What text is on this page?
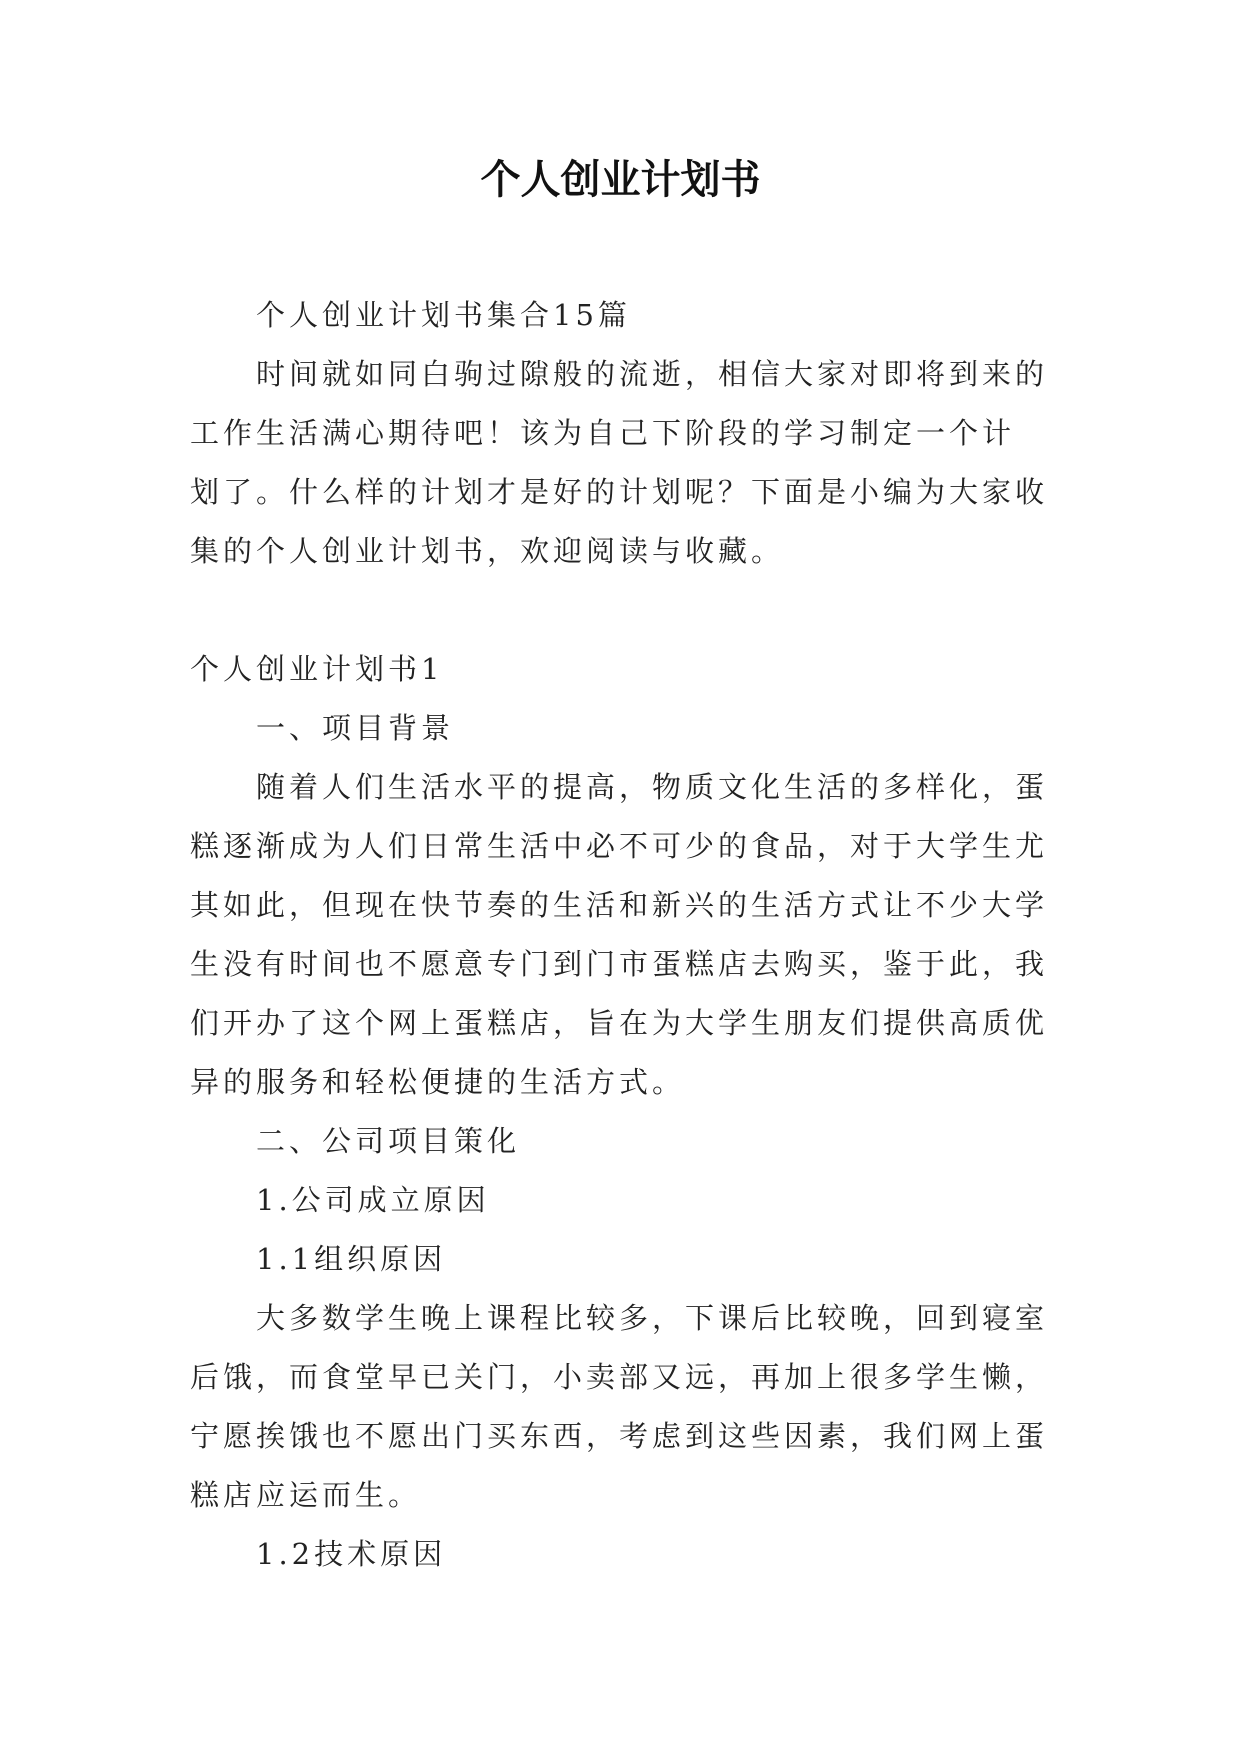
个人创业计划书
个人创业计划书集合15篇
时间就如同白驹过隙般的流逝，相信大家对即将到来的
工作生活满心期待吧！该为自己下阶段的学习制定一个计
划了。什么样的计划才是好的计划呢？下面是小编为大家收
集的个人创业计划书，欢迎阅读与收藏。
个人创业计划书1
一、项目背景
随着人们生活水平的提高，物质文化生活的多样化，蛋
糕逐渐成为人们日常生活中必不可少的食品，对于大学生尤
其如此，但现在快节奏的生活和新兴的生活方式让不少大学
生没有时间也不愿意专门到门市蛋糕店去购买，鉴于此，我
们开办了这个网上蛋糕店，旨在为大学生朋友们提供高质优
异的服务和轻松便捷的生活方式。
二、公司项目策化
1.公司成立原因
1.1组织原因
大多数学生晚上课程比较多，下课后比较晚，回到寝室
后饿，而食堂早已关门，小卖部又远，再加上很多学生懒，
宁愿挨饿也不愿出门买东西，考虑到这些因素，我们网上蛋
糕店应运而生。
1.2技术原因
